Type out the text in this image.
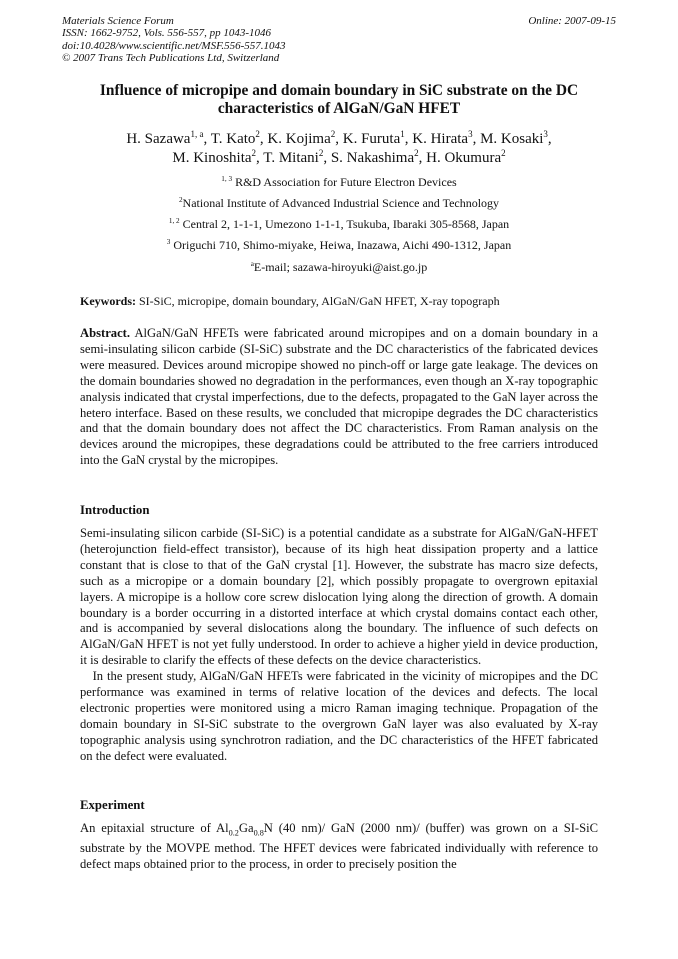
Materials Science Forum
ISSN: 1662-9752, Vols. 556-557, pp 1043-1046
doi:10.4028/www.scientific.net/MSF.556-557.1043
© 2007 Trans Tech Publications Ltd, Switzerland
Online: 2007-09-15
Influence of micropipe and domain boundary in SiC substrate on the DC
characteristics of AlGaN/GaN HFET
H. Sazawa$^{1, a}$, T. Kato$^2$, K. Kojima$^2$, K. Furuta$^1$, K. Hirata$^3$, M. Kosaki$^3$,
M. Kinoshita$^2$, T. Mitani$^2$, S. Nakashima$^2$, H. Okumura$^2$
$^{1, 3}$ R&D Association for Future Electron Devices
$^2$National Institute of Advanced Industrial Science and Technology
$^{1, 2}$ Central 2, 1-1-1, Umezono 1-1-1, Tsukuba, Ibaraki 305-8568, Japan
$^3$ Origuchi 710, Shimo-miyake, Heiwa, Inazawa, Aichi 490-1312, Japan
$^a$E-mail; sazawa-hiroyuki@aist.go.jp
Keywords: SI-SiC, micropipe, domain boundary, AlGaN/GaN HFET, X-ray topograph

Abstract. AlGaN/GaN HFETs were fabricated around micropipes and on a domain boundary in a semi-insulating silicon carbide (SI-SiC) substrate and the DC characteristics of the fabricated devices were measured. Devices around micropipe showed no pinch-off or large gate leakage. The devices on the domain boundaries showed no degradation in the performances, even though an X-ray topographic analysis indicated that crystal imperfections, due to the defects, propagated to the GaN layer across the hetero interface. Based on these results, we concluded that micropipe degrades the DC characteristics and that the domain boundary does not affect the DC characteristics. From Raman analysis on the devices around the micropipes, these degradations could be attributed to the free carriers introduced into the GaN crystal by the micropipes.

Introduction

Semi-insulating silicon carbide (SI-SiC) is a potential candidate as a substrate for AlGaN/GaN-HFET (heterojunction field-effect transistor), because of its high heat dissipation property and a lattice constant that is close to that of the GaN crystal [1]. However, the substrate has macro size defects, such as a micropipe or a domain boundary [2], which possibly propagate to overgrown epitaxial layers. A micropipe is a hollow core screw dislocation lying along the direction of growth. A domain boundary is a border occurring in a distorted interface at which crystal domains contact each other, and is accompanied by several dislocations along the boundary. The influence of such defects on AlGaN/GaN HFET is not yet fully understood. In order to achieve a higher yield in device production, it is desirable to clarify the effects of these defects on the device characteristics.
 In the present study, AlGaN/GaN HFETs were fabricated in the vicinity of micropipes and the DC performance was examined in terms of relative location of the devices and defects. The local electronic properties were monitored using a micro Raman imaging technique. Propagation of the domain boundary in SI-SiC substrate to the overgrown GaN layer was also evaluated by X-ray topographic analysis using synchrotron radiation, and the DC characteristics of the HFET fabricated on the defect were evaluated.

Experiment

An epitaxial structure of $Al_{0.2}Ga_{0.8}N$ (40 nm)/ GaN (2000 nm)/ (buffer) was grown on a SI-SiC substrate by the MOVPE method. The HFET devices were fabricated individually with reference to defect maps obtained prior to the process, in order to precisely position the
